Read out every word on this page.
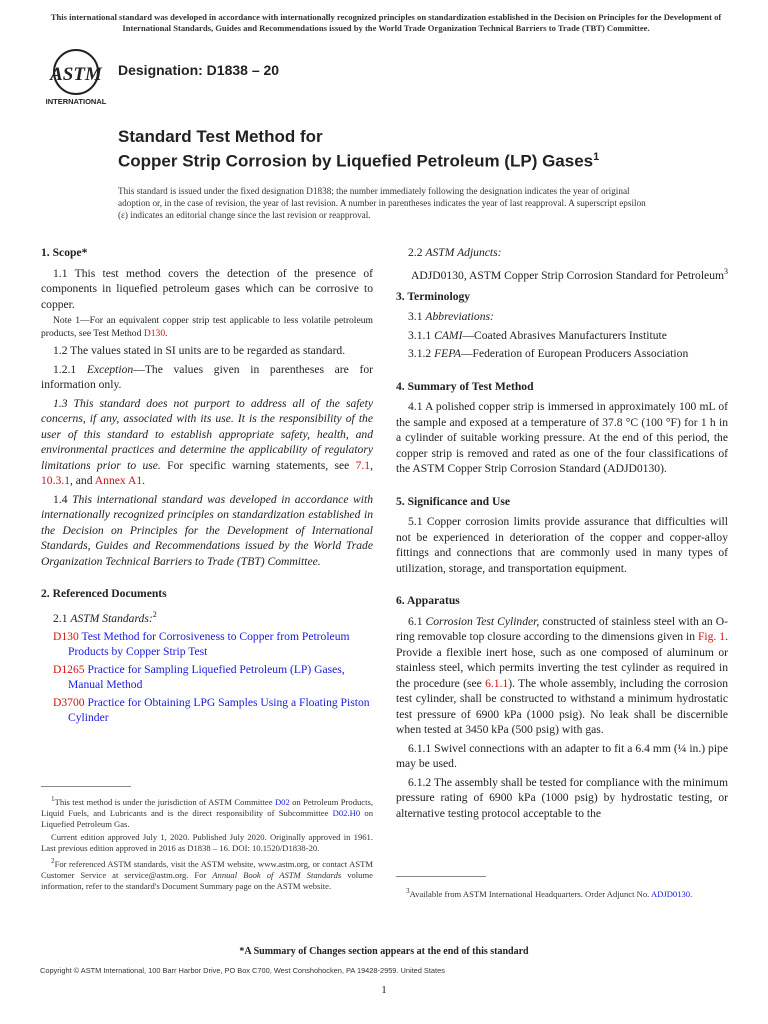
This international standard was developed in accordance with internationally recognized principles on standardization established in the Decision on Principles for the Development of International Standards, Guides and Recommendations issued by the World Trade Organization Technical Barriers to Trade (TBT) Committee.
ASTM
INTERNATIONAL
Designation: D1838 – 20
Standard Test Method for
Copper Strip Corrosion by Liquefied Petroleum (LP) Gases$^1$
This standard is issued under the fixed designation D1838; the number immediately following the designation indicates the year of original adoption or, in the case of revision, the year of last revision. A number in parentheses indicates the year of last reapproval. A superscript epsilon (ε) indicates an editorial change since the last revision or reapproval.
1. Scope*

1.1 This test method covers the detection of the presence of components in liquefied petroleum gases which can be corrosive to copper.

Note 1—For an equivalent copper strip test applicable to less volatile petroleum products, see Test Method D130.

1.2 The values stated in SI units are to be regarded as standard.

1.2.1 Exception—The values given in parentheses are for information only.

1.3 This standard does not purport to address all of the safety concerns, if any, associated with its use. It is the responsibility of the user of this standard to establish appropriate safety, health, and environmental practices and determine the applicability of regulatory limitations prior to use. For specific warning statements, see 7.1, 10.3.1, and Annex A1.

1.4 This international standard was developed in accordance with internationally recognized principles on standardization established in the Decision on Principles for the Development of International Standards, Guides and Recommendations issued by the World Trade Organization Technical Barriers to Trade (TBT) Committee.

2. Referenced Documents

2.1 ASTM Standards:$^2$

D130 Test Method for Corrosiveness to Copper from Petroleum Products by Copper Strip Test
D1265 Practice for Sampling Liquefied Petroleum (LP) Gases, Manual Method
D3700 Practice for Obtaining LPG Samples Using a Floating Piston Cylinder

$^1$This test method is under the jurisdiction of ASTM Committee D02 on Petroleum Products, Liquid Fuels, and Lubricants and is the direct responsibility of Subcommittee D02.H0 on Liquefied Petroleum Gas.

Current edition approved July 1, 2020. Published July 2020. Originally approved in 1961. Last previous edition approved in 2016 as D1838 – 16. DOI: 10.1520/D1838-20.

$^2$For referenced ASTM standards, visit the ASTM website, www.astm.org, or contact ASTM Customer Service at service@astm.org. For Annual Book of ASTM Standards volume information, refer to the standard's Document Summary page on the ASTM website.

2.2 ASTM Adjuncts:

ADJD0130, ASTM Copper Strip Corrosion Standard for Petroleum$^3$
3. Terminology

3.1 Abbreviations:

3.1.1 CAMI—Coated Abrasives Manufacturers Institute

3.1.2 FEPA—Federation of European Producers Association

4. Summary of Test Method

4.1 A polished copper strip is immersed in approximately 100 mL of the sample and exposed at a temperature of 37.8 °C (100 °F) for 1 h in a cylinder of suitable working pressure. At the end of this period, the copper strip is removed and rated as one of the four classifications of the ASTM Copper Strip Corrosion Standard (ADJD0130).

5. Significance and Use

5.1 Copper corrosion limits provide assurance that difficulties will not be experienced in deterioration of the copper and copper-alloy fittings and connections that are commonly used in many types of utilization, storage, and transportation equipment.

6. Apparatus

6.1 Corrosion Test Cylinder, constructed of stainless steel with an O-ring removable top closure according to the dimensions given in Fig. 1. Provide a flexible inert hose, such as one composed of aluminum or stainless steel, which permits inverting the test cylinder as required in the procedure (see 6.1.1). The whole assembly, including the corrosion test cylinder, shall be constructed to withstand a minimum hydrostatic test pressure of 6900 kPa (1000 psig). No leak shall be discernible when tested at 3450 kPa (500 psig) with gas.

6.1.1 Swivel connections with an adapter to fit a 6.4 mm (¼ in.) pipe may be used.

6.1.2 The assembly shall be tested for compliance with the minimum pressure rating of 6900 kPa (1000 psig) by hydrostatic testing, or alternative testing protocol acceptable to the

$^3$Available from ASTM International Headquarters. Order Adjunct No. ADJD0130.

*A Summary of Changes section appears at the end of this standard
Copyright © ASTM International, 100 Barr Harbor Drive, PO Box C700, West Conshohocken, PA 19428-2959. United States
1
